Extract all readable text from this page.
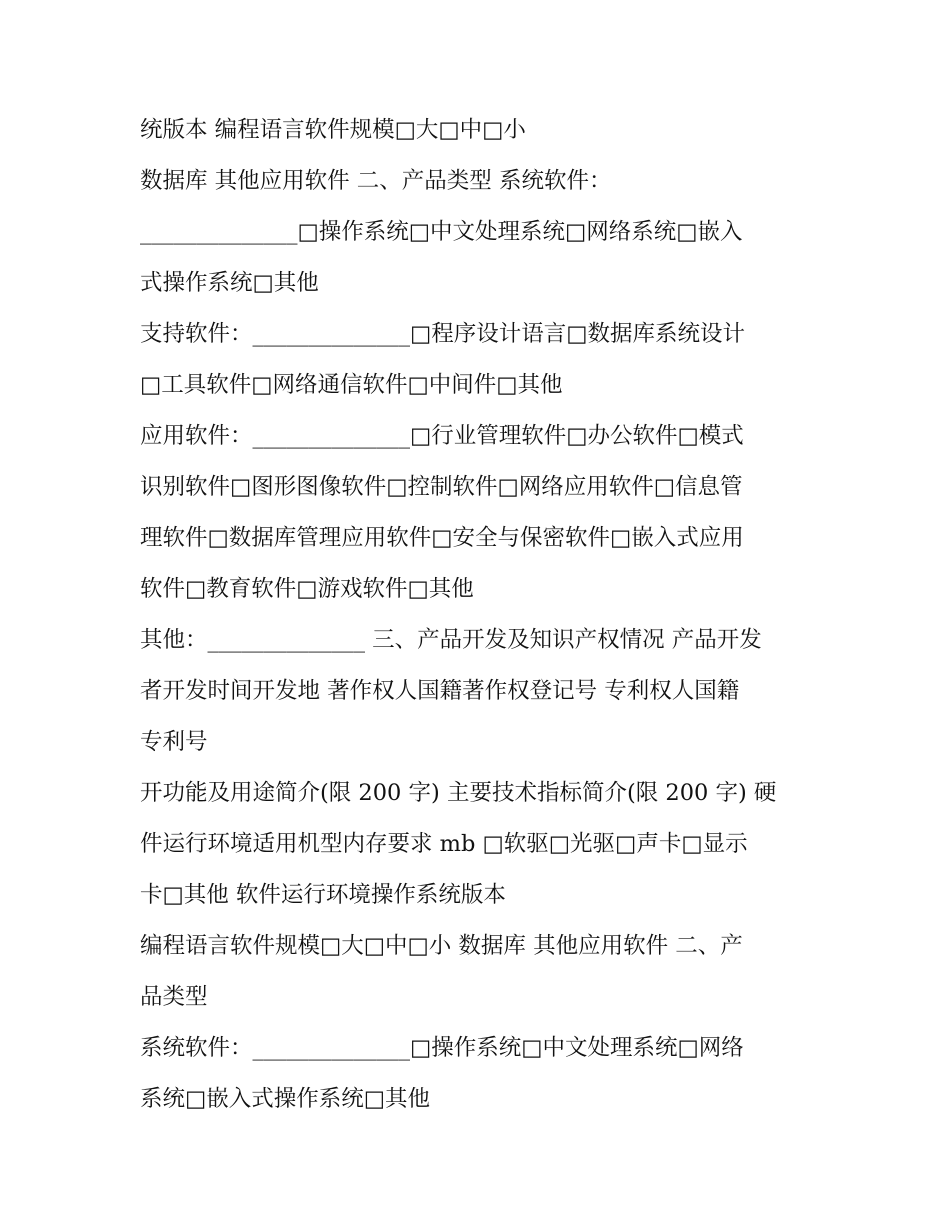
统版本 编程语言软件规模□大□中□小
数据库 其他应用软件 二、产品类型 系统软件：
______________□操作系统□中文处理系统□网络系统□嵌入
式操作系统□其他
支持软件：______________□程序设计语言□数据库系统设计
□工具软件□网络通信软件□中间件□其他
应用软件：______________□行业管理软件□办公软件□模式
识别软件□图形图像软件□控制软件□网络应用软件□信息管
理软件□数据库管理应用软件□安全与保密软件□嵌入式应用
软件□教育软件□游戏软件□其他
其他：______________ 三、产品开发及知识产权情况 产品开发
者开发时间开发地 著作权人国籍著作权登记号 专利权人国籍
专利号
开功能及用途简介(限 200 字) 主要技术指标简介(限 200 字) 硬
件运行环境适用机型内存要求 mb □软驱□光驱□声卡□显示
卡□其他 软件运行环境操作系统版本
编程语言软件规模□大□中□小 数据库 其他应用软件 二、产
品类型
系统软件：______________□操作系统□中文处理系统□网络
系统□嵌入式操作系统□其他
